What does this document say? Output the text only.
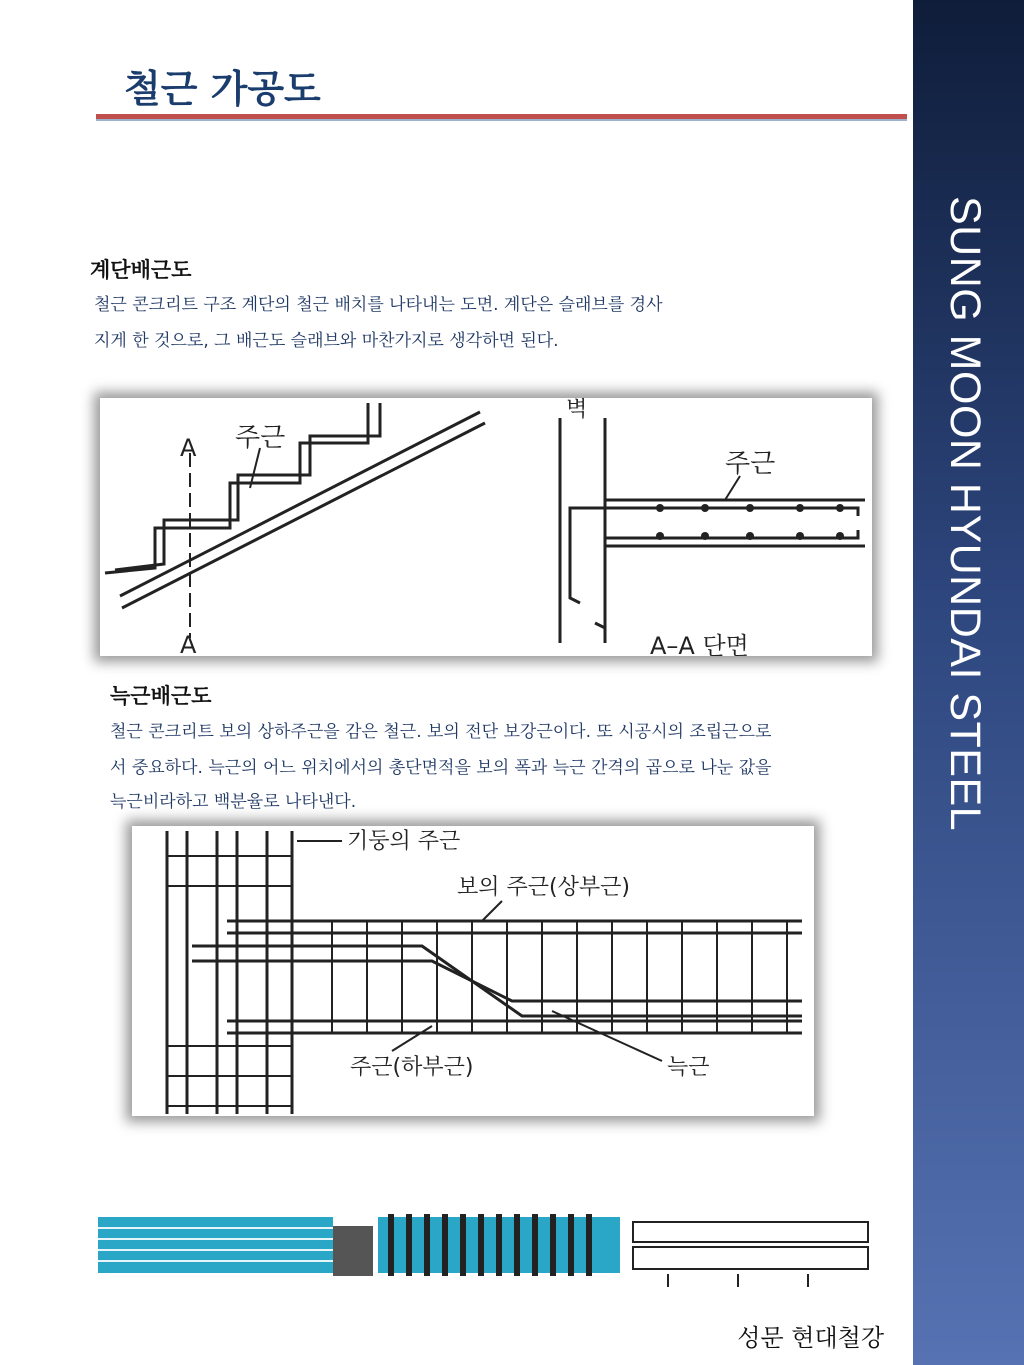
철근 가공도
SUNG MOON HYUNDAI STEEL
계단배근도

철근 콘크리트 구조 계단의 철근 배치를 나타내는 도면. 계단은 슬래브를 경사

지게 한 것으로, 그 배근도 슬래브와 마찬가지로 생각하면 된다.

주근
A
A
벽
주근
A–A 단면
늑근배근도

철근 콘크리트 보의 상하주근을 감은 철근. 보의 전단 보강근이다. 또 시공시의 조립근으로

서 중요하다. 늑근의 어느 위치에서의 총단면적을 보의 폭과 늑근 간격의 곱으로 나눈 값을

늑근비라하고 백분율로 나타낸다.

기둥의 주근
보의 주근(상부근)
주근(하부근)	늑근
성문 현대철강
